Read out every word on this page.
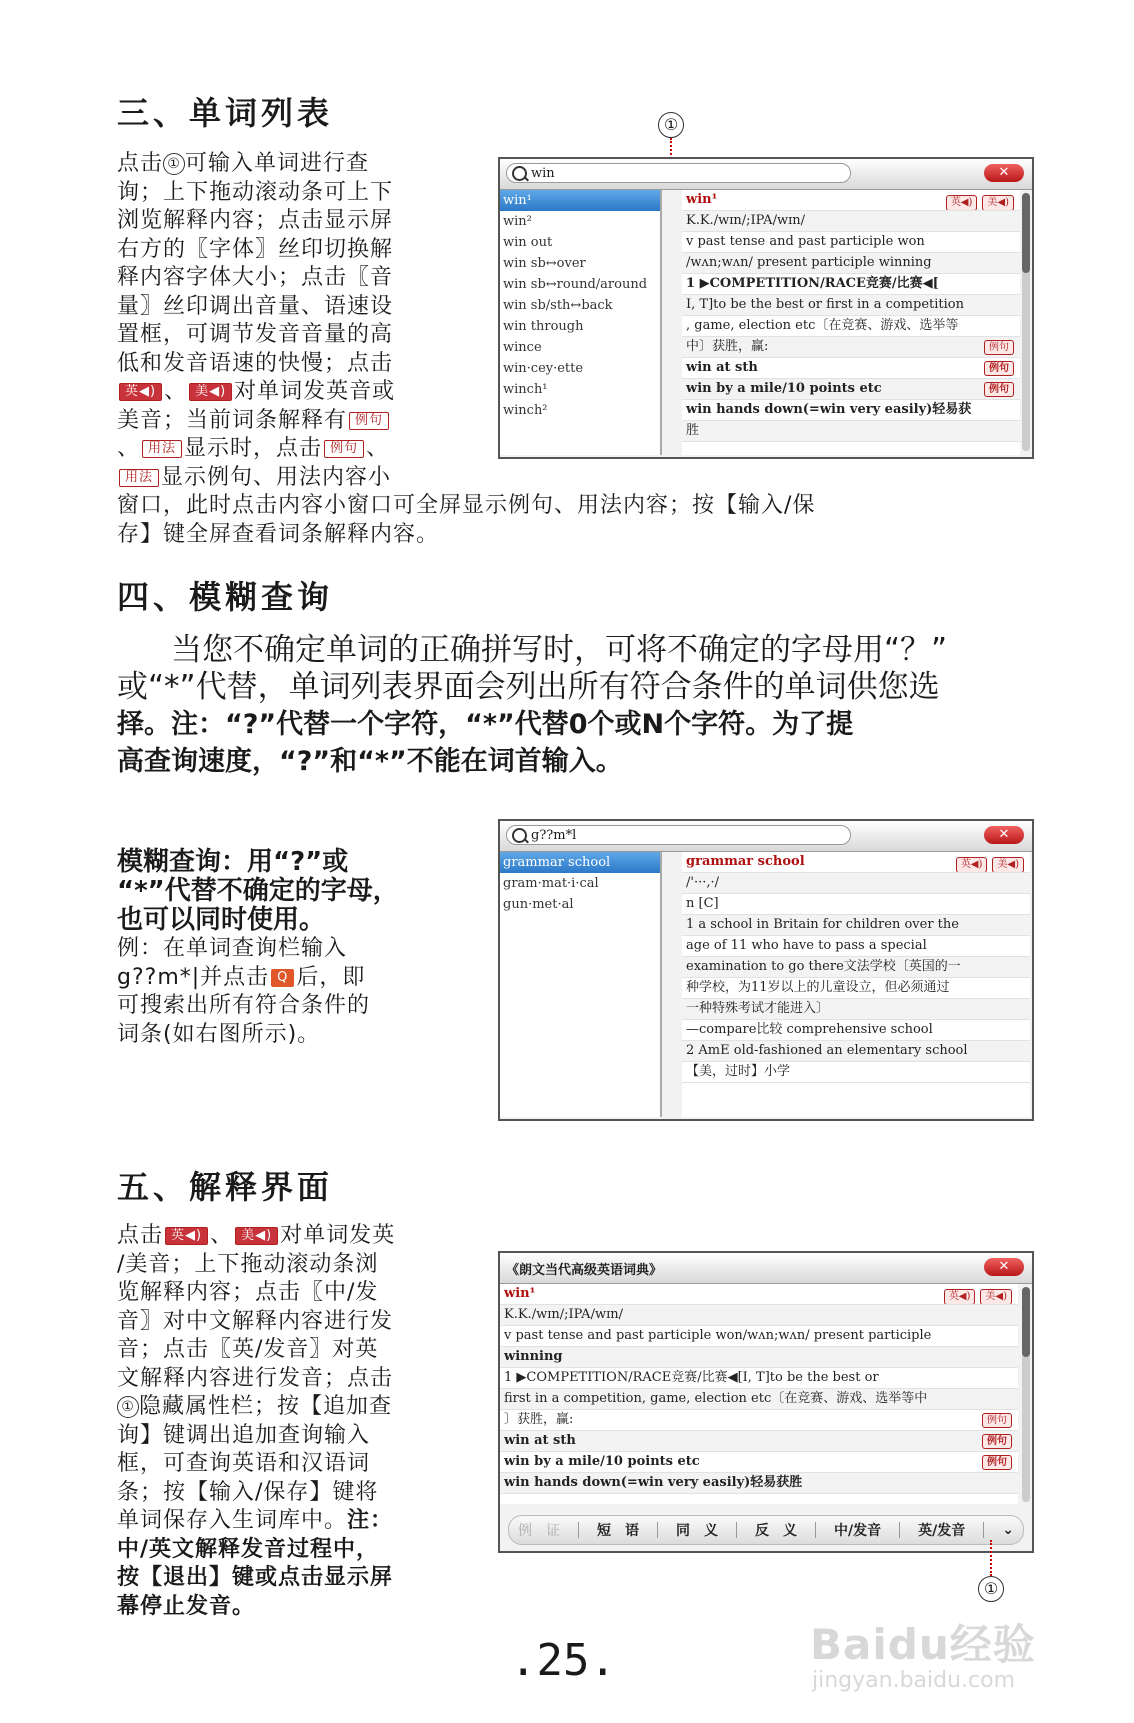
三、单词列表
点击 ① 可输入单词进行查
询；上下拖动滚动条可上下
浏览解释内容；点击显示屏
右方的〖字体〗丝印切换解
释内容字体大小；点击〖音
量〗丝印调出音量、语速设
置框，可调节发音音量的高
低和发音语速的快慢；点击
英◀) 、 美◀) 对单词发英音或
美音；当前词条解释有 例句
、 用法 显示时，点击 例句 、
用法 显示例句、用法内容小
窗口，此时点击内容小窗口可全屏显示例句、用法内容；按【输入/保
存】键全屏查看词条解释内容。
①
win	✕
win¹
win²
win out
win sb↔over
win sb↔round/around
win sb/sth↔back
win through
wince
win·cey·ette
winch¹
winch²
win¹	英◀) 美◀)
K.K./wɪn/;IPA/wɪn/
v past tense and past participle won
/wʌn;wʌn/ present participle winning
1 ▶COMPETITION/RACE竞赛/比赛◀[
I, T]to be the best or first in a competition
, game, election etc〔在竞赛、游戏、选举等
中〕获胜，赢:	例句
win at sth	例句
win by a mile/10 points etc	例句
win hands down(=win very easily)轻易获
胜
四、模糊查询
当您不确定单词的正确拼写时，可将不确定的字母用“？”
或“*”代替，单词列表界面会列出所有符合条件的单词供您选
择。注：“?”代替一个字符，“*”代替0个或N个字符。为了提
高查询速度，“?”和“*”不能在词首输入。
模糊查询：用“?”或
“*”代替不确定的字母，
也可以同时使用。
例：在单词查询栏输入
g??m*|并点击 Q 后，即
可搜索出所有符合条件的
词条(如右图所示)。
g??m*l	✕
grammar school
gram·mat·i·cal
gun·met·al
grammar school	英◀) 美◀)
/'···,·/
n [C]
1 a school in Britain for children over the
age of 11 who have to pass a special
examination to go there文法学校〔英国的一
种学校，为11岁以上的儿童设立，但必须通过
一种特殊考试才能进入〕
—compare比较 comprehensive school
2 AmE old-fashioned an elementary school
【美，过时】小学
五、解释界面
点击 英◀) 、 美◀) 对单词发英
/美音；上下拖动滚动条浏
览解释内容；点击〖中/发
音〗对中文解释内容进行发
音；点击〖英/发音〗对英
文解释内容进行发音；点击
① 隐藏属性栏；按【追加查
询】键调出追加查询输入
框，可查询英语和汉语词
条；按【输入/保存】键将
单词保存入生词库中。注：
中/英文解释发音过程中，
按【退出】键或点击显示屏
幕停止发音。
《朗文当代高级英语词典》	✕
win¹	英◀) 美◀)
K.K./wɪn/;IPA/wɪn/
v past tense and past participle won/wʌn;wʌn/ present participle
winning
1 ▶COMPETITION/RACE竞赛/比赛◀[I, T]to be the best or
first in a competition, game, election etc〔在竞赛、游戏、选举等中
〕获胜，赢:	例句
win at sth	例句
win by a mile/10 points etc	例句
win hands down(=win very easily)轻易获胜
例　证	短　语	同　义	反　义	中/发音	英/发音	⌄
①
.25.	Baidu经验
jingyan.baidu.com
